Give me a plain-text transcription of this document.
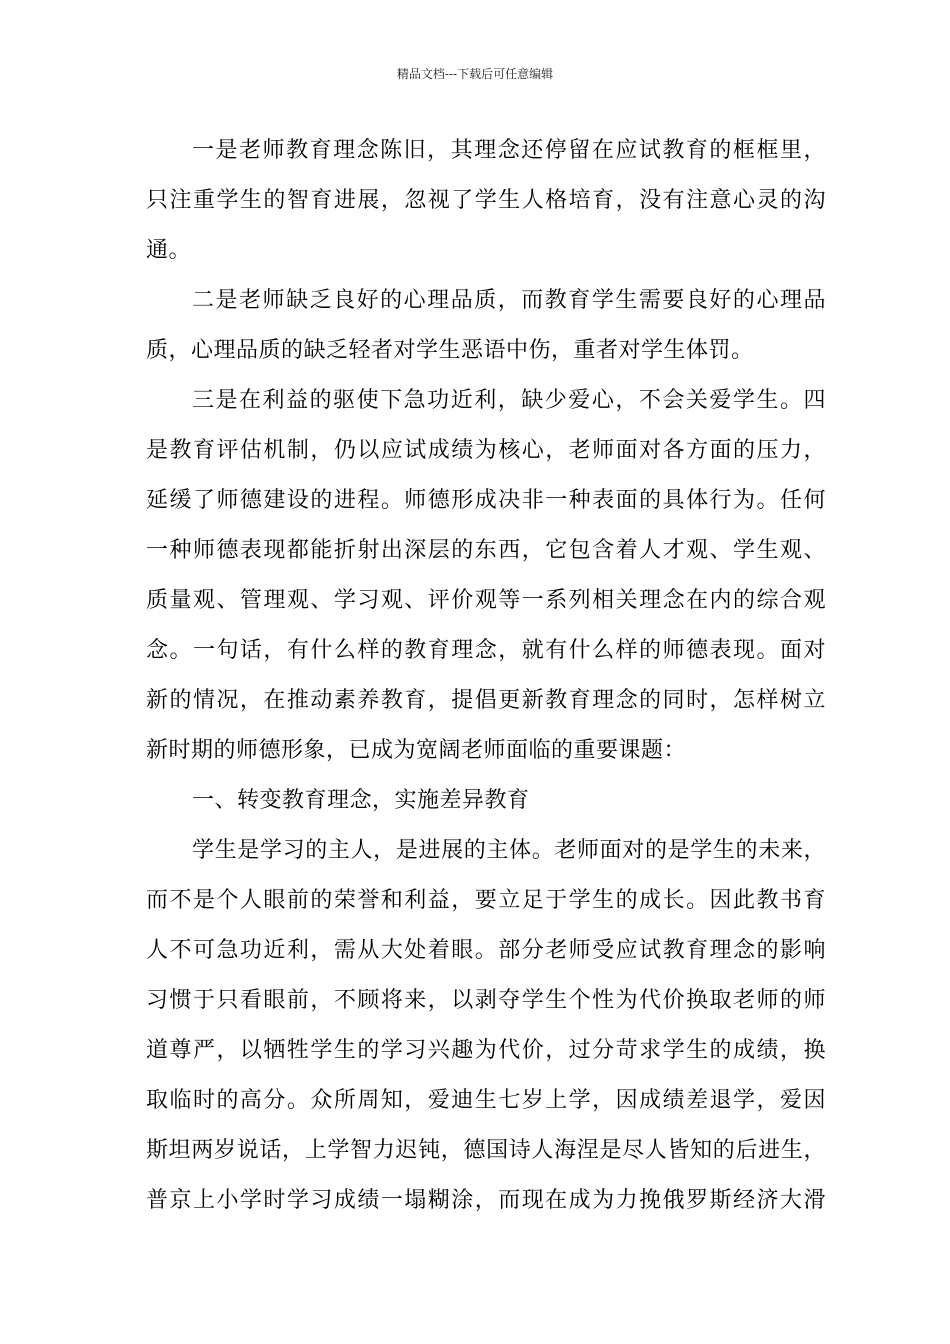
精品文档---下载后可任意编辑
一是老师教育理念陈旧，其理念还停留在应试教育的框框里，
只注重学生的智育进展，忽视了学生人格培育，没有注意心灵的沟
通。
二是老师缺乏良好的心理品质，而教育学生需要良好的心理品
质，心理品质的缺乏轻者对学生恶语中伤，重者对学生体罚。
三是在利益的驱使下急功近利，缺少爱心，不会关爱学生。四
是教育评估机制，仍以应试成绩为核心，老师面对各方面的压力，
延缓了师德建设的进程。师德形成决非一种表面的具体行为。任何
一种师德表现都能折射出深层的东西，它包含着人才观、学生观、
质量观、管理观、学习观、评价观等一系列相关理念在内的综合观
念。一句话，有什么样的教育理念，就有什么样的师德表现。面对
新的情况，在推动素养教育，提倡更新教育理念的同时，怎样树立
新时期的师德形象，已成为宽阔老师面临的重要课题：
一、转变教育理念，实施差异教育
学生是学习的主人，是进展的主体。老师面对的是学生的未来，
而不是个人眼前的荣誉和利益，要立足于学生的成长。因此教书育
人不可急功近利，需从大处着眼。部分老师受应试教育理念的影响
习惯于只看眼前，不顾将来，以剥夺学生个性为代价换取老师的师
道尊严，以牺牲学生的学习兴趣为代价，过分苛求学生的成绩，换
取临时的高分。众所周知，爱迪生七岁上学，因成绩差退学，爱因
斯坦两岁说话，上学智力迟钝，德国诗人海涅是尽人皆知的后进生，
普京上小学时学习成绩一塌糊涂，而现在成为力挽俄罗斯经济大滑
